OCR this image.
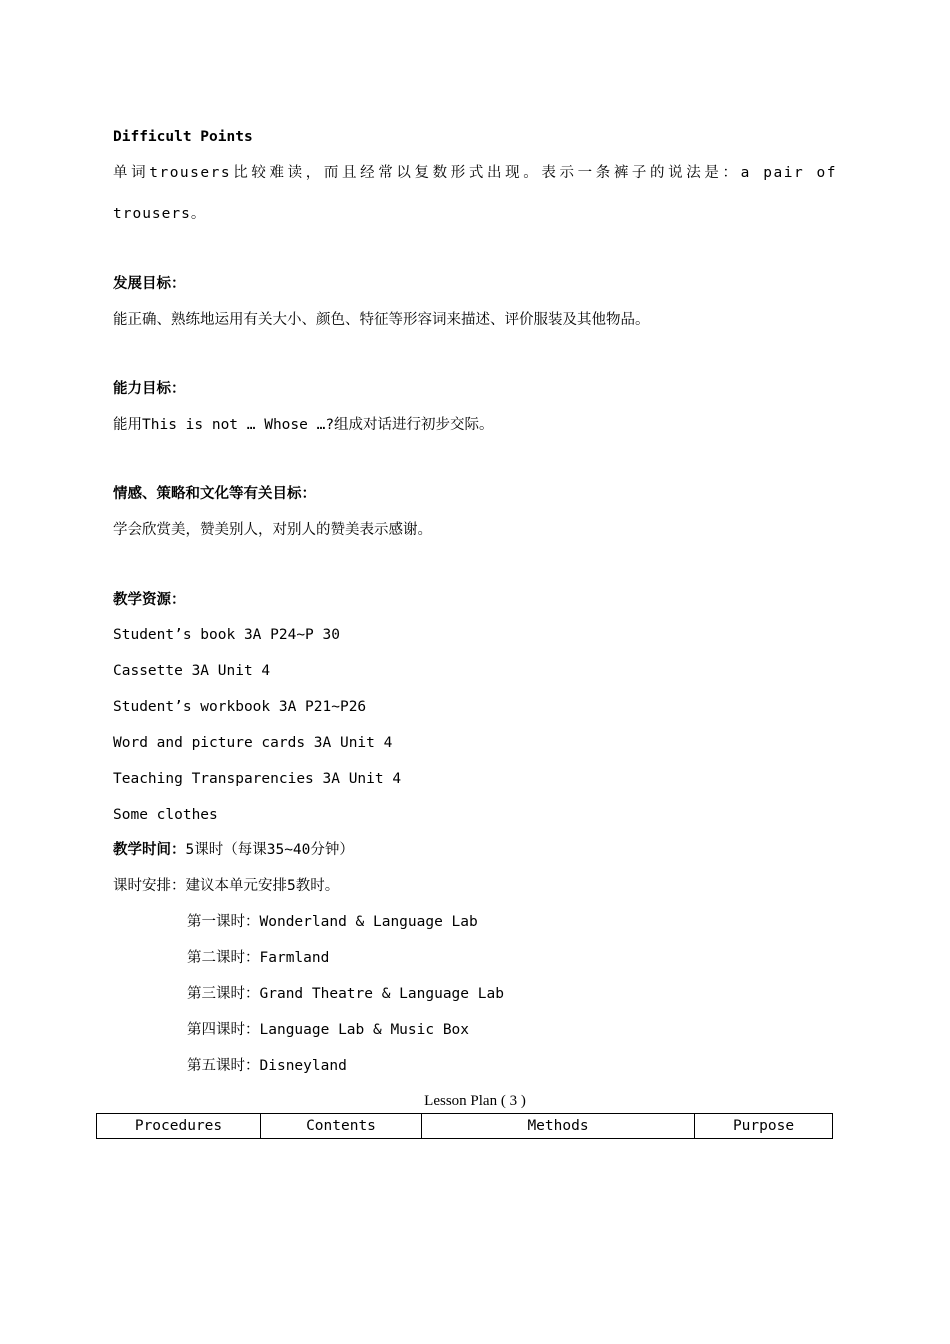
Difficult Points
单词trousers比较难读，而且经常以复数形式出现。表示一条裤子的说法是：a pair of
trousers。
发展目标：
能正确、熟练地运用有关大小、颜色、特征等形容词来描述、评价服装及其他物品。
能力目标：
能用This is not … Whose …?组成对话进行初步交际。
情感、策略和文化等有关目标：
学会欣赏美，赞美别人，对别人的赞美表示感谢。
教学资源：
Student’s book 3A P24~P 30
Cassette 3A Unit 4
Student’s workbook 3A P21~P26
Word and picture cards 3A Unit 4
Teaching Transparencies 3A Unit 4
Some clothes
教学时间：5课时（每课35~40分钟）
课时安排：建议本单元安排5教时。
第一课时：Wonderland & Language Lab
第二课时：Farmland
第三课时：Grand Theatre & Language Lab
第四课时：Language Lab & Music Box
第五课时：Disneyland
Lesson Plan ( 3 )
Procedures	Contents	Methods	Purpose
